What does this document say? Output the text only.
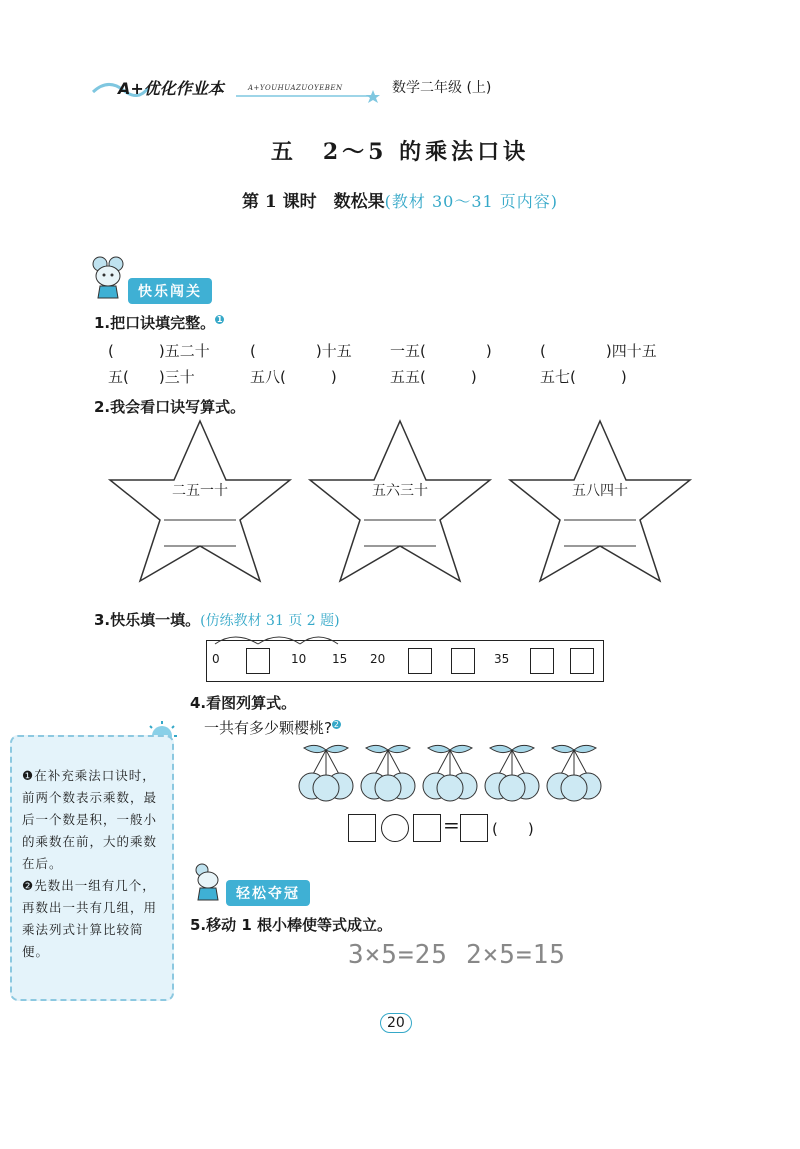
A+优化作业本	A+YOUHUAZUOYEBEN	数学二年级 (上)
五　2～5 的乘法口诀
第 1 课时　数松果(教材 30～31 页内容)
快乐闯关
1.把口诀填完整。 1
(　　　)五二十	(　　　　)十五	一五(　　　　)	(　　　　)四十五
五(　　)三十	五八(　　　)	五五(　　　)	五七(　　　)
2.我会看口诀写算式。
二五一十	五六三十	五八四十
3.快乐填一填。(仿练教材 31 页 2 题)
0	10 15 20	35
4.看图列算式。
一共有多少颗樱桃? 2
= (　　)

❶在补充乘法口诀时，前两个数表示乘数，最后一个数是积，一般小的乘数在前，大的乘数在后。

❷先数出一组有几个，再数出一共有几组，用乘法列式计算比较简便。

轻松夺冠
5.移动 1 根小棒使等式成立。
3×5=25 2×5=15
20
